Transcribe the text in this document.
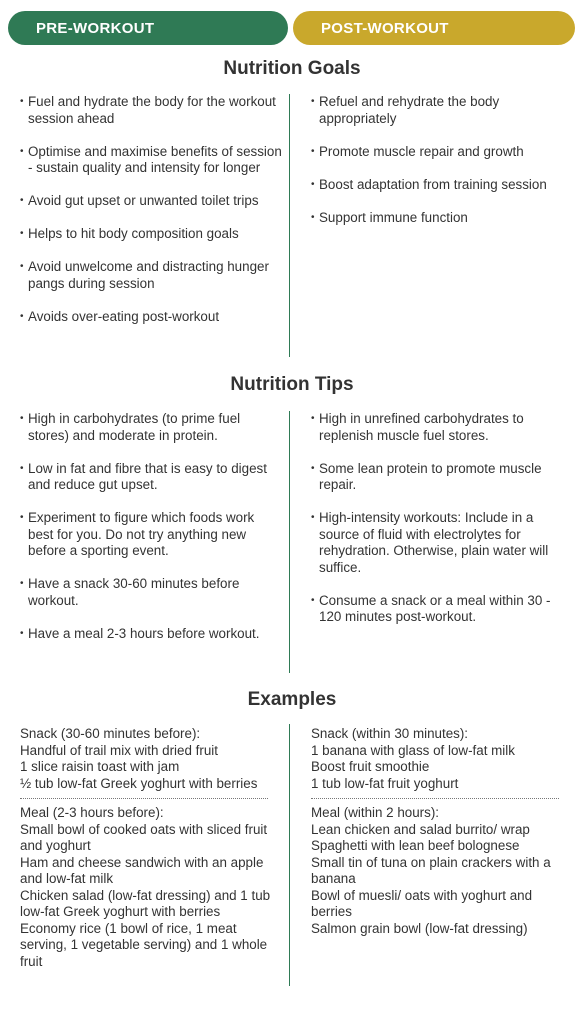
PRE-WORKOUT	POST-WORKOUT
Nutrition Goals
• Fuel and hydrate the body for the workout session ahead
• Optimise and maximise benefits of session - sustain quality and intensity for longer
• Avoid gut upset or unwanted toilet trips
• Helps to hit body composition goals
• Avoid unwelcome and distracting hunger pangs during session
• Avoids over-eating post-workout
• Refuel and rehydrate the body appropriately
• Promote muscle repair and growth
• Boost adaptation from training session
• Support immune function
Nutrition Tips
• High in carbohydrates (to prime fuel stores) and moderate in protein.
• Low in fat and fibre that is easy to digest and reduce gut upset.
• Experiment to figure which foods work best for you. Do not try anything new before a sporting event.
• Have a snack 30-60 minutes before workout.
• Have a meal 2-3 hours before workout.
• High in unrefined carbohydrates to replenish muscle fuel stores.
• Some lean protein to promote muscle repair.
• High-intensity workouts: Include in a source of fluid with electrolytes for rehydration. Otherwise, plain water will suffice.
• Consume a snack or a meal within 30 - 120 minutes post-workout.
Examples

Snack (30-60 minutes before):

Handful of trail mix with dried fruit

1 slice raisin toast with jam

½ tub low-fat Greek yoghurt with berries

Meal (2-3 hours before):

Small bowl of cooked oats with sliced fruit and yoghurt

Ham and cheese sandwich with an apple and low-fat milk

Chicken salad (low-fat dressing) and 1 tub low-fat Greek yoghurt with berries

Economy rice (1 bowl of rice, 1 meat serving, 1 vegetable serving) and 1 whole fruit

Snack (within 30 minutes):

1 banana with glass of low-fat milk

Boost fruit smoothie

1 tub low-fat fruit yoghurt

Meal (within 2 hours):

Lean chicken and salad burrito/ wrap

Spaghetti with lean beef bolognese

Small tin of tuna on plain crackers with a banana

Bowl of muesli/ oats with yoghurt and berries

Salmon grain bowl (low-fat dressing)
